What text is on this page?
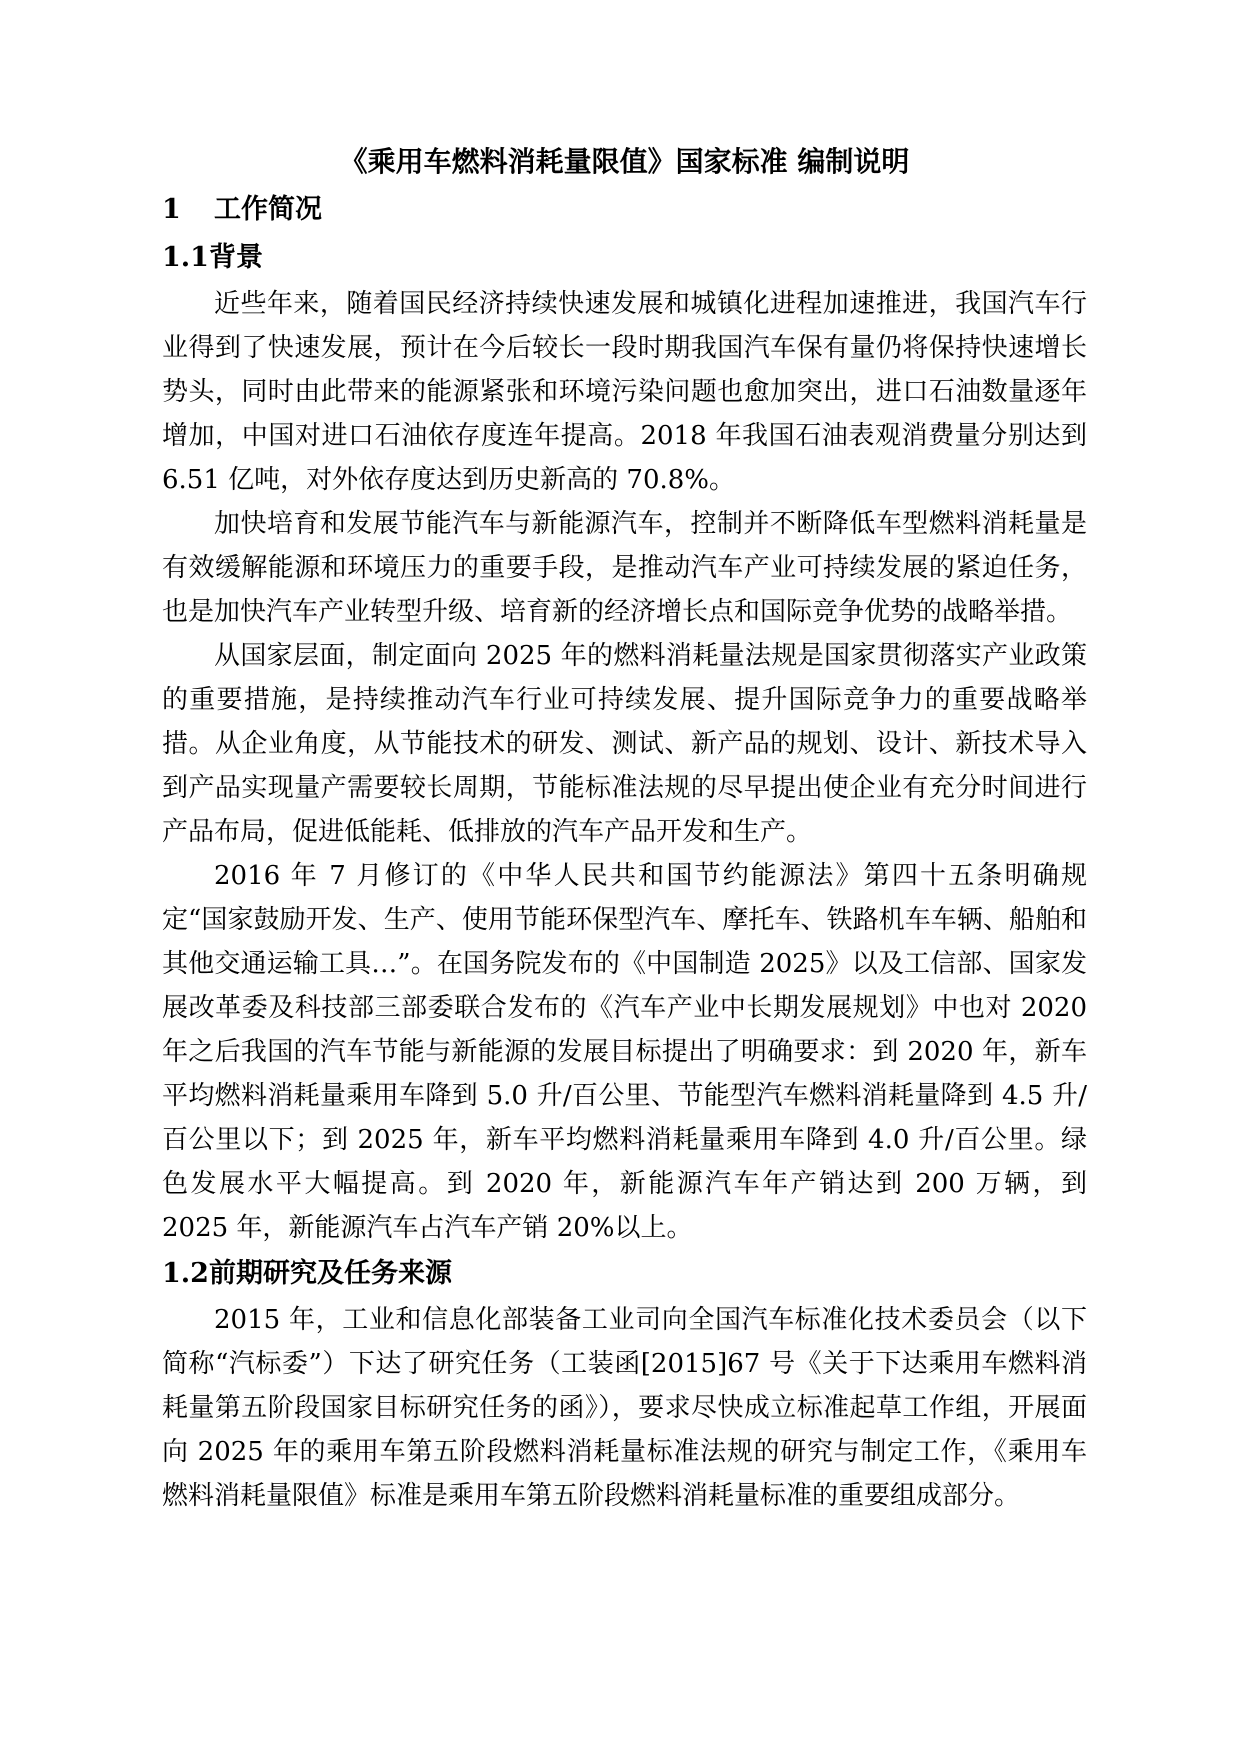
《乘用车燃料消耗量限值》国家标准 编制说明
1 工作简况
1.1背景

近些年来，随着国民经济持续快速发展和城镇化进程加速推进，我国汽车行业得到了快速发展，预计在今后较长一段时期我国汽车保有量仍将保持快速增长势头，同时由此带来的能源紧张和环境污染问题也愈加突出，进口石油数量逐年增加，中国对进口石油依存度连年提高。2018 年我国石油表观消费量分别达到 6.51 亿吨，对外依存度达到历史新高的 70.8%。

加快培育和发展节能汽车与新能源汽车，控制并不断降低车型燃料消耗量是有效缓解能源和环境压力的重要手段，是推动汽车产业可持续发展的紧迫任务，也是加快汽车产业转型升级、培育新的经济增长点和国际竞争优势的战略举措。

从国家层面，制定面向 2025 年的燃料消耗量法规是国家贯彻落实产业政策的重要措施，是持续推动汽车行业可持续发展、提升国际竞争力的重要战略举措。从企业角度，从节能技术的研发、测试、新产品的规划、设计、新技术导入到产品实现量产需要较长周期，节能标准法规的尽早提出使企业有充分时间进行产品布局，促进低能耗、低排放的汽车产品开发和生产。

2016 年 7 月修订的《中华人民共和国节约能源法》第四十五条明确规定“国家鼓励开发、生产、使用节能环保型汽车、摩托车、铁路机车车辆、船舶和其他交通运输工具…”。在国务院发布的《中国制造 2025》以及工信部、国家发展改革委及科技部三部委联合发布的《汽车产业中长期发展规划》中也对 2020 年之后我国的汽车节能与新能源的发展目标提出了明确要求：到 2020 年，新车平均燃料消耗量乘用车降到 5.0 升/百公里、节能型汽车燃料消耗量降到 4.5 升/百公里以下；到 2025 年，新车平均燃料消耗量乘用车降到 4.0 升/百公里。绿色发展水平大幅提高。到 2020 年，新能源汽车年产销达到 200 万辆，到 2025 年，新能源汽车占汽车产销 20%以上。

1.2前期研究及任务来源

2015 年，工业和信息化部装备工业司向全国汽车标准化技术委员会（以下简称“汽标委”）下达了研究任务（工装函[2015]67 号《关于下达乘用车燃料消耗量第五阶段国家目标研究任务的函》），要求尽快成立标准起草工作组，开展面向 2025 年的乘用车第五阶段燃料消耗量标准法规的研究与制定工作，《乘用车燃料消耗量限值》标准是乘用车第五阶段燃料消耗量标准的重要组成部分。
